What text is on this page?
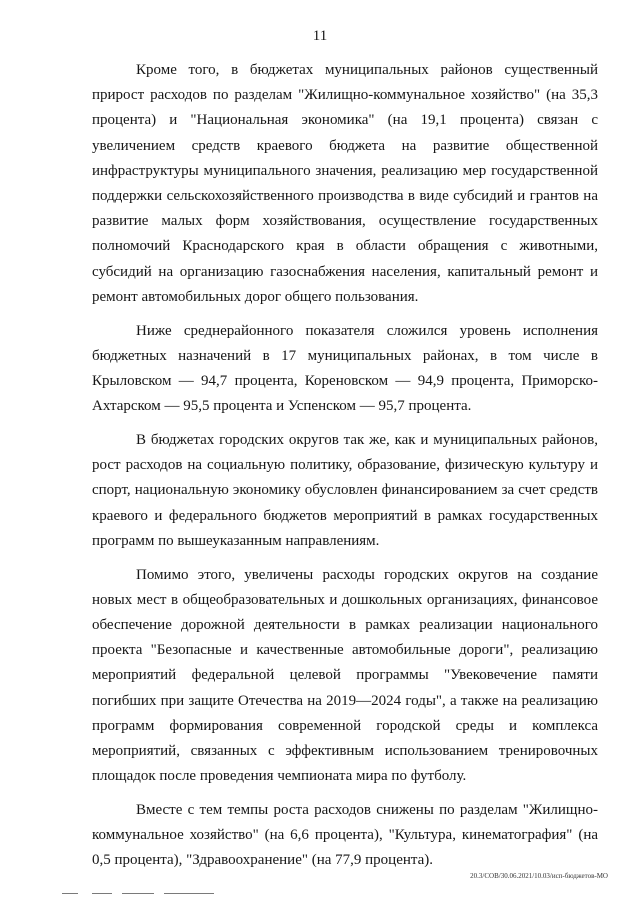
11

Кроме того, в бюджетах муниципальных районов существенный прирост расходов по разделам "Жилищно-коммунальное хозяйство" (на 35,3 процента) и "Национальная экономика" (на 19,1 процента) связан с увеличением средств краевого бюджета на развитие общественной инфраструктуры муниципального значения, реализацию мер государственной поддержки сельскохозяйственного производства в виде субсидий и грантов на развитие малых форм хозяйствования, осуществление государственных полномочий Краснодарского края в области обращения с животными, субсидий на организацию газоснабжения населения, капитальный ремонт и ремонт автомобильных дорог общего пользования.

Ниже среднерайонного показателя сложился уровень исполнения бюджетных назначений в 17 муниципальных районах, в том числе в Крыловском — 94,7 процента, Кореновском — 94,9 процента, Приморско-Ахтарском — 95,5 процента и Успенском — 95,7 процента.

В бюджетах городских округов так же, как и муниципальных районов, рост расходов на социальную политику, образование, физическую культуру и спорт, национальную экономику обусловлен финансированием за счет средств краевого и федерального бюджетов мероприятий в рамках государственных программ по вышеуказанным направлениям.

Помимо этого, увеличены расходы городских округов на создание новых мест в общеобразовательных и дошкольных организациях, финансовое обеспечение дорожной деятельности в рамках реализации национального проекта "Безопасные и качественные автомобильные дороги", реализацию мероприятий федеральной целевой программы "Увековечение памяти погибших при защите Отечества на 2019—2024 годы", а также на реализацию программ формирования современной городской среды и комплекса мероприятий, связанных с эффективным использованием тренировочных площадок после проведения чемпионата мира по футболу.

Вместе с тем темпы роста расходов снижены по разделам "Жилищно-коммунальное хозяйство" (на 6,6 процента), "Культура, кинематография" (на 0,5 процента), "Здравоохранение" (на 77,9 процента).

20.3/СОВ/30.06.2021/10.03/исп-бюджетов-МО
